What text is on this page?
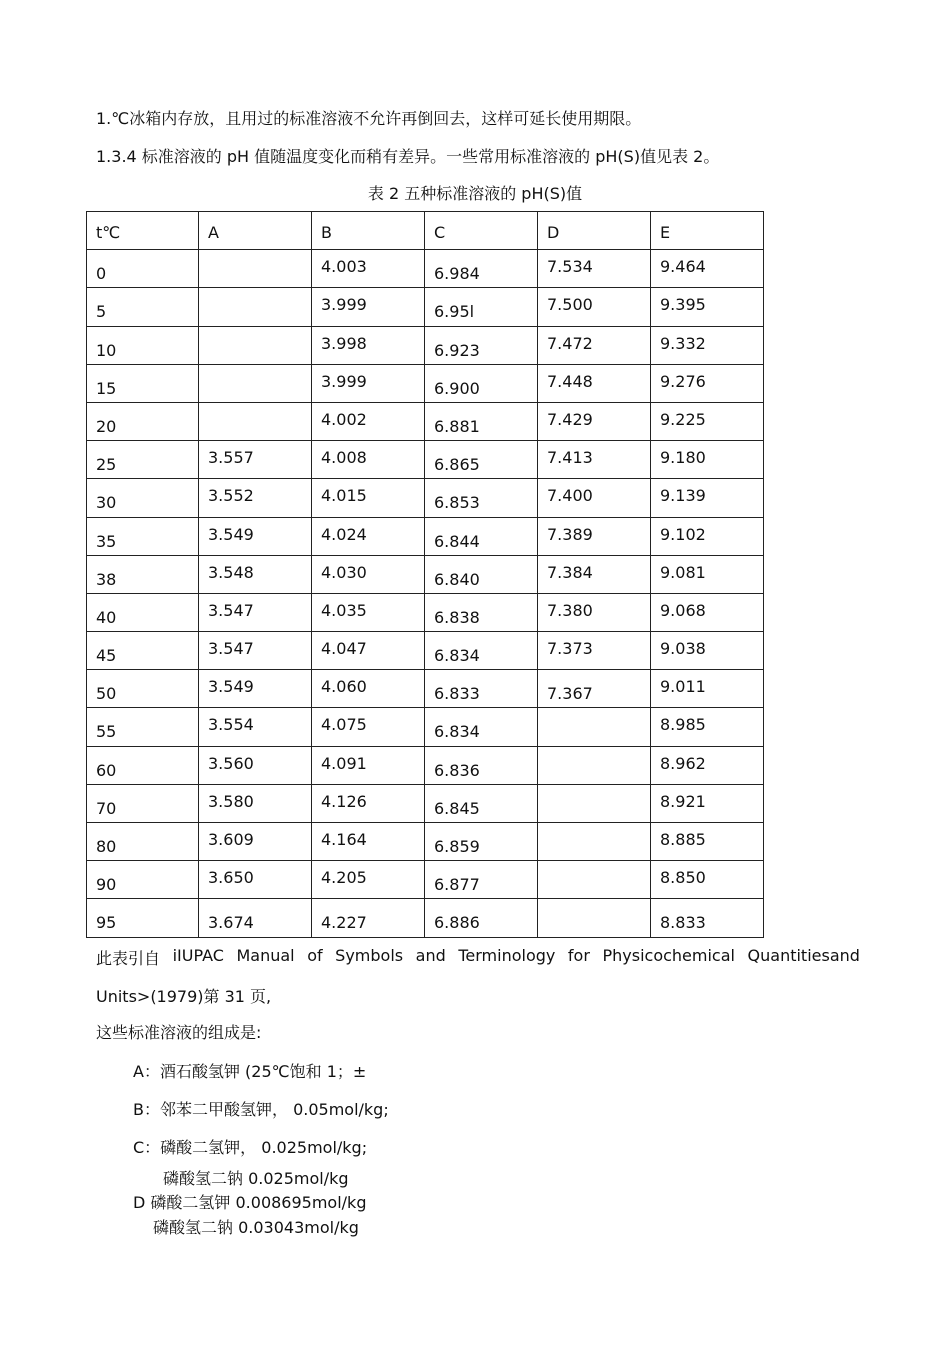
1.℃冰箱内存放，且用过的标准溶液不允许再倒回去，这样可延长使用期限。
1.3.4 标准溶液的 pH 值随温度变化而稍有差异。一些常用标准溶液的 pH(S)值见表 2。
表 2 五种标准溶液的 pH(S)值
t℃	A	B	C	D	E

0		4.003	6.984	7.534	9.464

5		3.999	6.95l	7.500	9.395

10		3.998	6.923	7.472	9.332

15		3.999	6.900	7.448	9.276

20		4.002	6.881	7.429	9.225

25	3.557	4.008	6.865	7.413	9.180

30	3.552	4.015	6.853	7.400	9.139

35	3.549	4.024	6.844	7.389	9.102

38	3.548	4.030	6.840	7.384	9.081

40	3.547	4.035	6.838	7.380	9.068

45	3.547	4.047	6.834	7.373	9.038

50	3.549	4.060	6.833	7.367	9.011

55	3.554	4.075	6.834		8.985

60	3.560	4.091	6.836		8.962

70	3.580	4.126	6.845		8.921

80	3.609	4.164	6.859		8.885

90	3.650	4.205	6.877		8.850

95	3.674	4.227	6.886		8.833
此表引自 iIUPAC Manual of Symbols and Terminology for Physicochemical Quantitiesand
Units>(1979)第 31 页,
这些标准溶液的组成是:
A：酒石酸氢钾 (25℃饱和 1；±
B：邻苯二甲酸氢钾， 0.05mol/kg;
C：磷酸二氢钾， 0.025mol/kg;
磷酸氢二钠 0.025mol/kg
D 磷酸二氢钾 0.008695mol/kg
磷酸氢二钠 0.03043mol/kg
